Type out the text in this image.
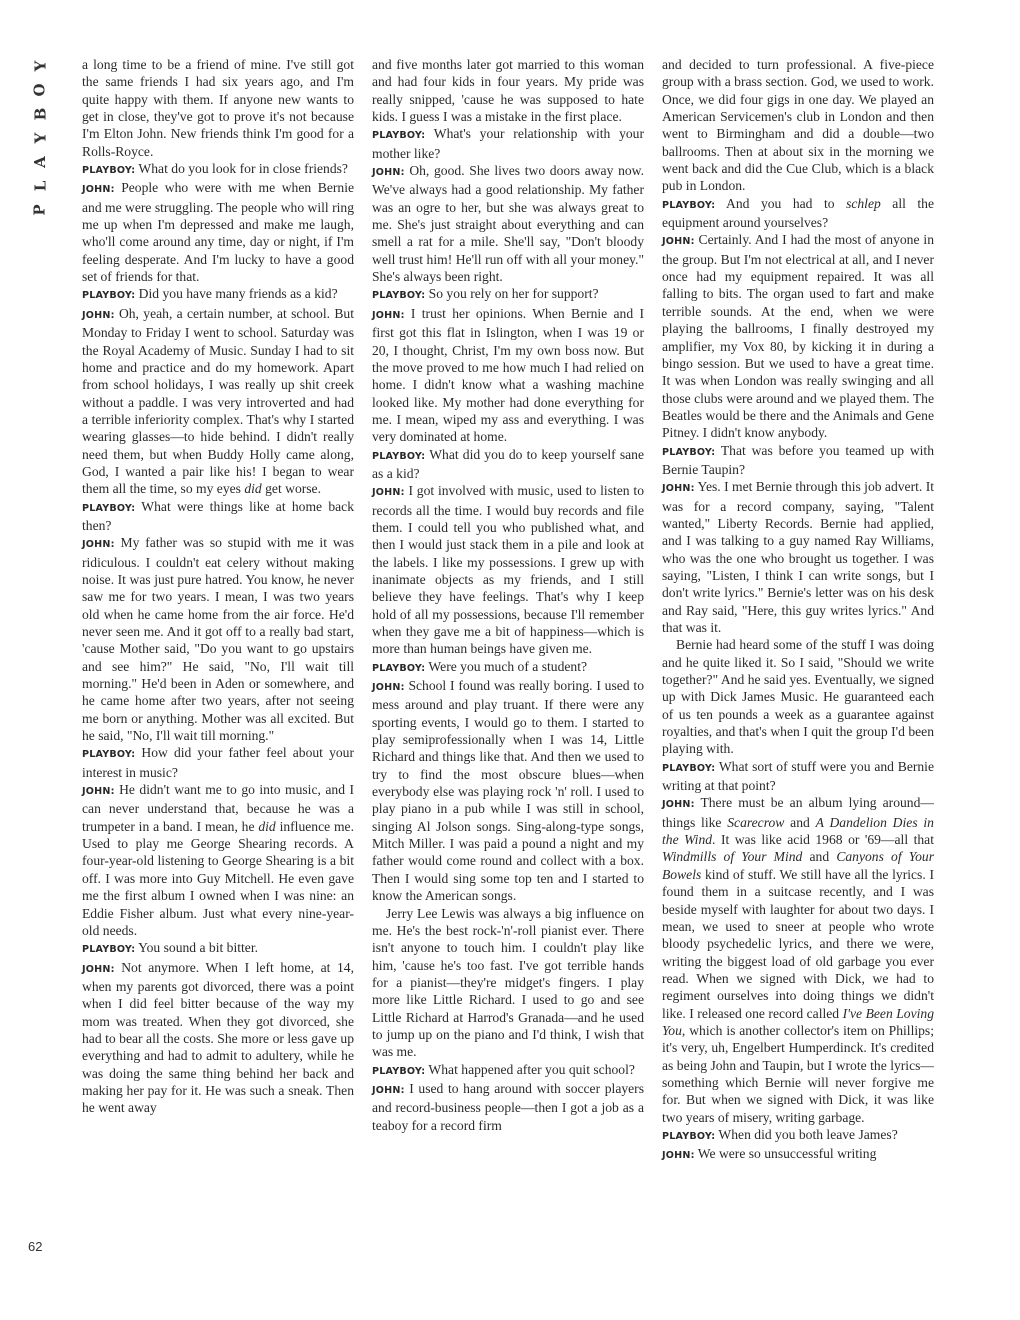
Y
O
B
Y
A
L
P
62

a long time to be a friend of mine. I've still got the same friends I had six years ago, and I'm quite happy with them. If anyone new wants to get in close, they've got to prove it's not because I'm Elton John. New friends think I'm good for a Rolls-Royce.

PLAYBOY: What do you look for in close friends?

JOHN: People who were with me when Bernie and me were struggling. The people who will ring me up when I'm depressed and make me laugh, who'll come around any time, day or night, if I'm feeling desperate. And I'm lucky to have a good set of friends for that.

PLAYBOY: Did you have many friends as a kid?

JOHN: Oh, yeah, a certain number, at school. But Monday to Friday I went to school. Saturday was the Royal Academy of Music. Sunday I had to sit home and practice and do my homework. Apart from school holidays, I was really up shit creek without a paddle. I was very introverted and had a terrible inferiority complex. That's why I started wearing glasses—to hide behind. I didn't really need them, but when Buddy Holly came along, God, I wanted a pair like his! I began to wear them all the time, so my eyes did get worse.

PLAYBOY: What were things like at home back then?

JOHN: My father was so stupid with me it was ridiculous. I couldn't eat celery without making noise. It was just pure hatred. You know, he never saw me for two years. I mean, I was two years old when he came home from the air force. He'd never seen me. And it got off to a really bad start, 'cause Mother said, "Do you want to go upstairs and see him?" He said, "No, I'll wait till morning." He'd been in Aden or somewhere, and he came home after two years, after not seeing me born or anything. Mother was all excited. But he said, "No, I'll wait till morning."

PLAYBOY: How did your father feel about your interest in music?

JOHN: He didn't want me to go into music, and I can never understand that, because he was a trumpeter in a band. I mean, he did influence me. Used to play me George Shearing records. A four-year-old listening to George Shearing is a bit off. I was more into Guy Mitchell. He even gave me the first album I owned when I was nine: an Eddie Fisher album. Just what every nine-year-old needs.

PLAYBOY: You sound a bit bitter.

JOHN: Not anymore. When I left home, at 14, when my parents got divorced, there was a point when I did feel bitter because of the way my mom was treated. When they got divorced, she had to bear all the costs. She more or less gave up everything and had to admit to adultery, while he was doing the same thing behind her back and making her pay for it. He was such a sneak. Then he went away

and five months later got married to this woman and had four kids in four years. My pride was really snipped, 'cause he was supposed to hate kids. I guess I was a mistake in the first place.

PLAYBOY: What's your relationship with your mother like?

JOHN: Oh, good. She lives two doors away now. We've always had a good relationship. My father was an ogre to her, but she was always great to me. She's just straight about everything and can smell a rat for a mile. She'll say, "Don't bloody well trust him! He'll run off with all your money." She's always been right.

PLAYBOY: So you rely on her for support?

JOHN: I trust her opinions. When Bernie and I first got this flat in Islington, when I was 19 or 20, I thought, Christ, I'm my own boss now. But the move proved to me how much I had relied on home. I didn't know what a washing machine looked like. My mother had done everything for me. I mean, wiped my ass and everything. I was very dominated at home.

PLAYBOY: What did you do to keep yourself sane as a kid?

JOHN: I got involved with music, used to listen to records all the time. I would buy records and file them. I could tell you who published what, and then I would just stack them in a pile and look at the labels. I like my possessions. I grew up with inanimate objects as my friends, and I still believe they have feelings. That's why I keep hold of all my possessions, because I'll remember when they gave me a bit of happiness—which is more than human beings have given me.

PLAYBOY: Were you much of a student?

JOHN: School I found was really boring. I used to mess around and play truant. If there were any sporting events, I would go to them. I started to play semiprofessionally when I was 14, Little Richard and things like that. And then we used to try to find the most obscure blues—when everybody else was playing rock 'n' roll. I used to play piano in a pub while I was still in school, singing Al Jolson songs. Sing-along-type songs, Mitch Miller. I was paid a pound a night and my father would come round and collect with a box. Then I would sing some top ten and I started to know the American songs.

Jerry Lee Lewis was always a big influence on me. He's the best rock-'n'-roll pianist ever. There isn't anyone to touch him. I couldn't play like him, 'cause he's too fast. I've got terrible hands for a pianist—they're midget's fingers. I play more like Little Richard. I used to go and see Little Richard at Harrod's Granada—and he used to jump up on the piano and I'd think, I wish that was me.

PLAYBOY: What happened after you quit school?

JOHN: I used to hang around with soccer players and record-business people—then I got a job as a teaboy for a record firm

and decided to turn professional. A five-piece group with a brass section. God, we used to work. Once, we did four gigs in one day. We played an American Servicemen's club in London and then went to Birmingham and did a double—two ballrooms. Then at about six in the morning we went back and did the Cue Club, which is a black pub in London.

PLAYBOY: And you had to schlep all the equipment around yourselves?

JOHN: Certainly. And I had the most of anyone in the group. But I'm not electrical at all, and I never once had my equipment repaired. It was all falling to bits. The organ used to fart and make terrible sounds. At the end, when we were playing the ballrooms, I finally destroyed my amplifier, my Vox 80, by kicking it in during a bingo session. But we used to have a great time. It was when London was really swinging and all those clubs were around and we played them. The Beatles would be there and the Animals and Gene Pitney. I didn't know anybody.

PLAYBOY: That was before you teamed up with Bernie Taupin?

JOHN: Yes. I met Bernie through this job advert. It was for a record company, saying, "Talent wanted," Liberty Records. Bernie had applied, and I was talking to a guy named Ray Williams, who was the one who brought us together. I was saying, "Listen, I think I can write songs, but I don't write lyrics." Bernie's letter was on his desk and Ray said, "Here, this guy writes lyrics." And that was it.

Bernie had heard some of the stuff I was doing and he quite liked it. So I said, "Should we write together?" And he said yes. Eventually, we signed up with Dick James Music. He guaranteed each of us ten pounds a week as a guarantee against royalties, and that's when I quit the group I'd been playing with.

PLAYBOY: What sort of stuff were you and Bernie writing at that point?

JOHN: There must be an album lying around—things like Scarecrow and A Dandelion Dies in the Wind. It was like acid 1968 or '69—all that Windmills of Your Mind and Canyons of Your Bowels kind of stuff. We still have all the lyrics. I found them in a suitcase recently, and I was beside myself with laughter for about two days. I mean, we used to sneer at people who wrote bloody psychedelic lyrics, and there we were, writing the biggest load of old garbage you ever read. When we signed with Dick, we had to regiment ourselves into doing things we didn't like. I released one record called I've Been Loving You, which is another collector's item on Phillips; it's very, uh, Engelbert Humperdinck. It's credited as being John and Taupin, but I wrote the lyrics—something which Bernie will never forgive me for. But when we signed with Dick, it was like two years of misery, writing garbage.

PLAYBOY: When did you both leave James?

JOHN: We were so unsuccessful writing
